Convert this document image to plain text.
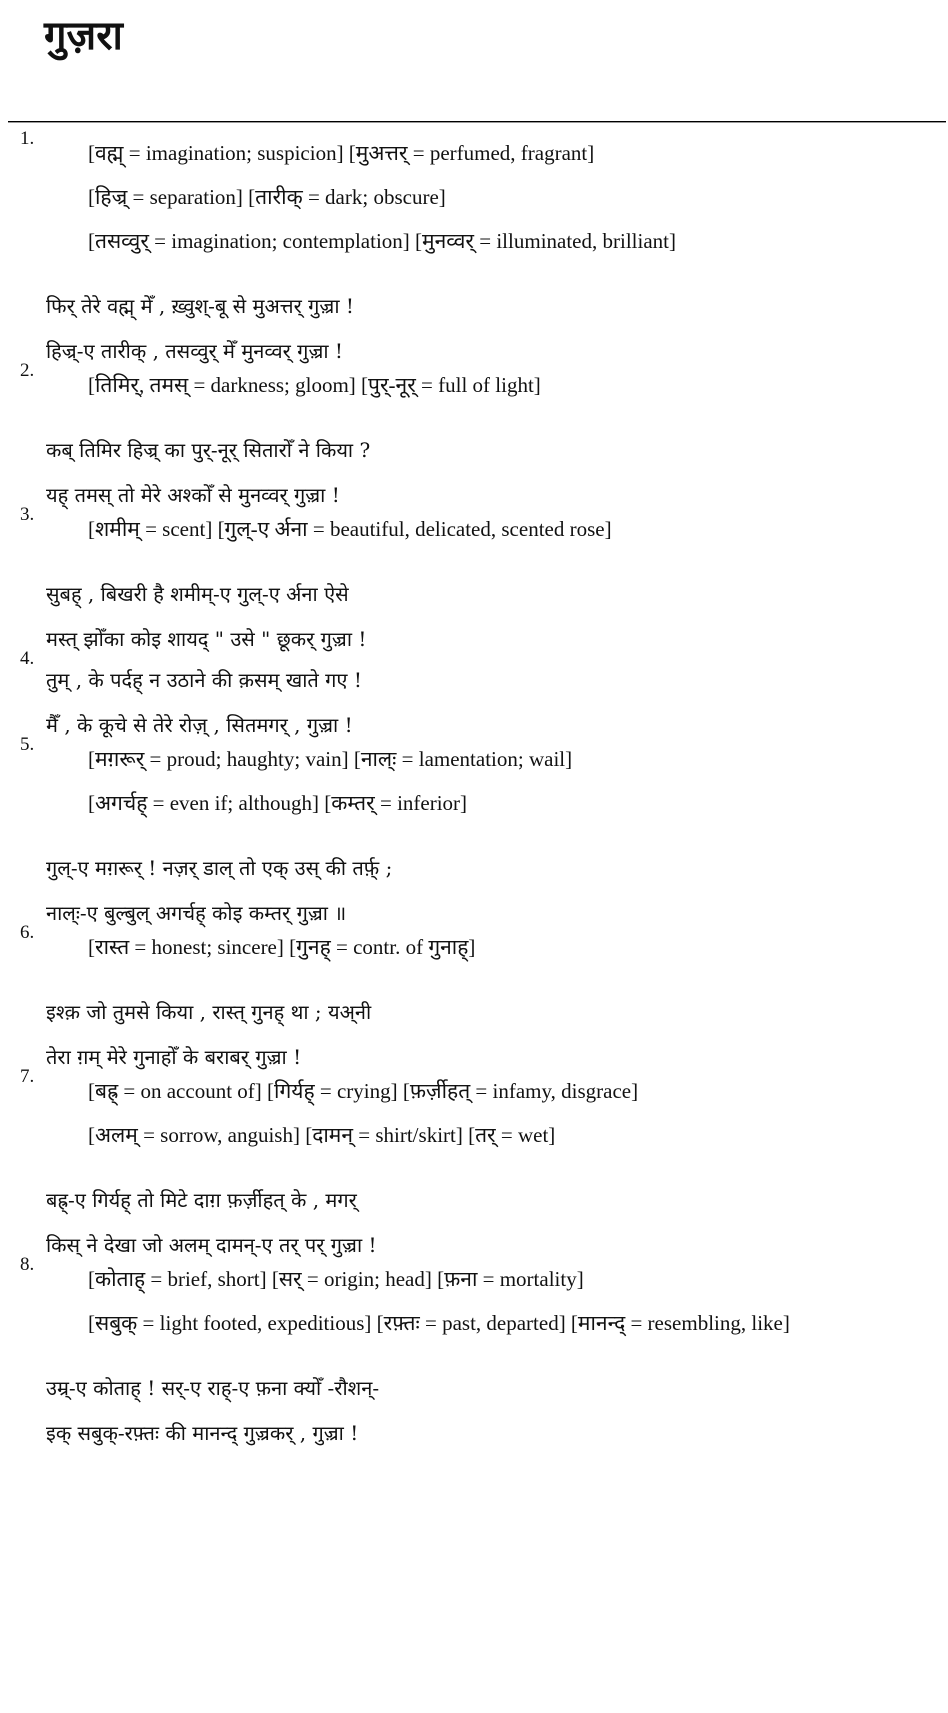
गुज़रा
1.
[वह्म् = imagination; suspicion] [मुअत्तर् = perfumed, fragrant]
[हिज्र् = separation] [तारीक् = dark; obscure]
[तसव्वुर् = imagination; contemplation] [मुनव्वर् = illuminated, brilliant]
फिर् तेरे वह्म् मेँ , ख़्वुश्-बू से मुअत्तर् गुज़्रा !
हिज्र्-ए तारीक् , तसव्वुर् मेँ मुनव्वर् गुज़्रा !
2.
[तिमिर्, तमस् = darkness; gloom] [पुर्-नूर् = full of light]
कब् तिमिर हिज्र् का पुर्-नूर् सितारोँ ने किया ?
यह् तमस् तो मेरे अश्कोँ से मुनव्वर् गुज़्रा !
3.
[शमीम् = scent] [गुल्-ए र्अना = beautiful, delicated, scented rose]
सुबह् , बिखरी है शमीम्-ए गुल्-ए र्अना ऐसे
मस्त् झोँका कोइ शायद् " उसे " छूकर् गुज़्रा !
4.
तुम् , के पर्दह् न उठाने की क़सम् खाते गए !
मैँ , के कूचे से तेरे रोज़् , सितमगर् , गुज़्रा !
5.
[मग़रूर् = proud; haughty; vain] [नाल्ः = lamentation; wail]
[अगर्चह् = even if; although] [कम्तर् = inferior]
गुल्-ए मग़रूर् ! नज़र् डाल् तो एक् उस् की तर्फ़् ;
नाल्ः-ए बुल्बुल् अगर्चह् कोइ कम्तर् गुज़्रा ॥
6.
[रास्त = honest; sincere] [गुनह् = contr. of गुनाह्]
इश्क़ जो तुमसे किया , रास्त् गुनह् था ; यअ्नी
तेरा ग़म् मेरे गुनाहोँ के बराबर् गुज़्रा !
7.
[बह्र् = on account of] [गिर्यह् = crying] [फ़र्ज़ीहत् = infamy, disgrace]
[अलम् = sorrow, anguish] [दामन् = shirt/skirt] [तर् = wet]
बह्र्-ए गिर्यह् तो मिटे दाग़ फ़र्ज़ीहत् के , मगर्
किस् ने देखा जो अलम् दामन्-ए तर् पर् गुज़्रा !
8.
[कोताह् = brief, short] [सर् = origin; head] [फ़ना = mortality]
[सबुक् = light footed, expeditious] [रफ़्तः = past, departed] [मानन्द् = resembling, like]
उम्र्-ए कोताह् ! सर्-ए राह्-ए फ़ना क्योँ -रौशन्-
इक् सबुक्-रफ़्तः की मानन्द् गुज़्रकर् , गुज़्रा !
